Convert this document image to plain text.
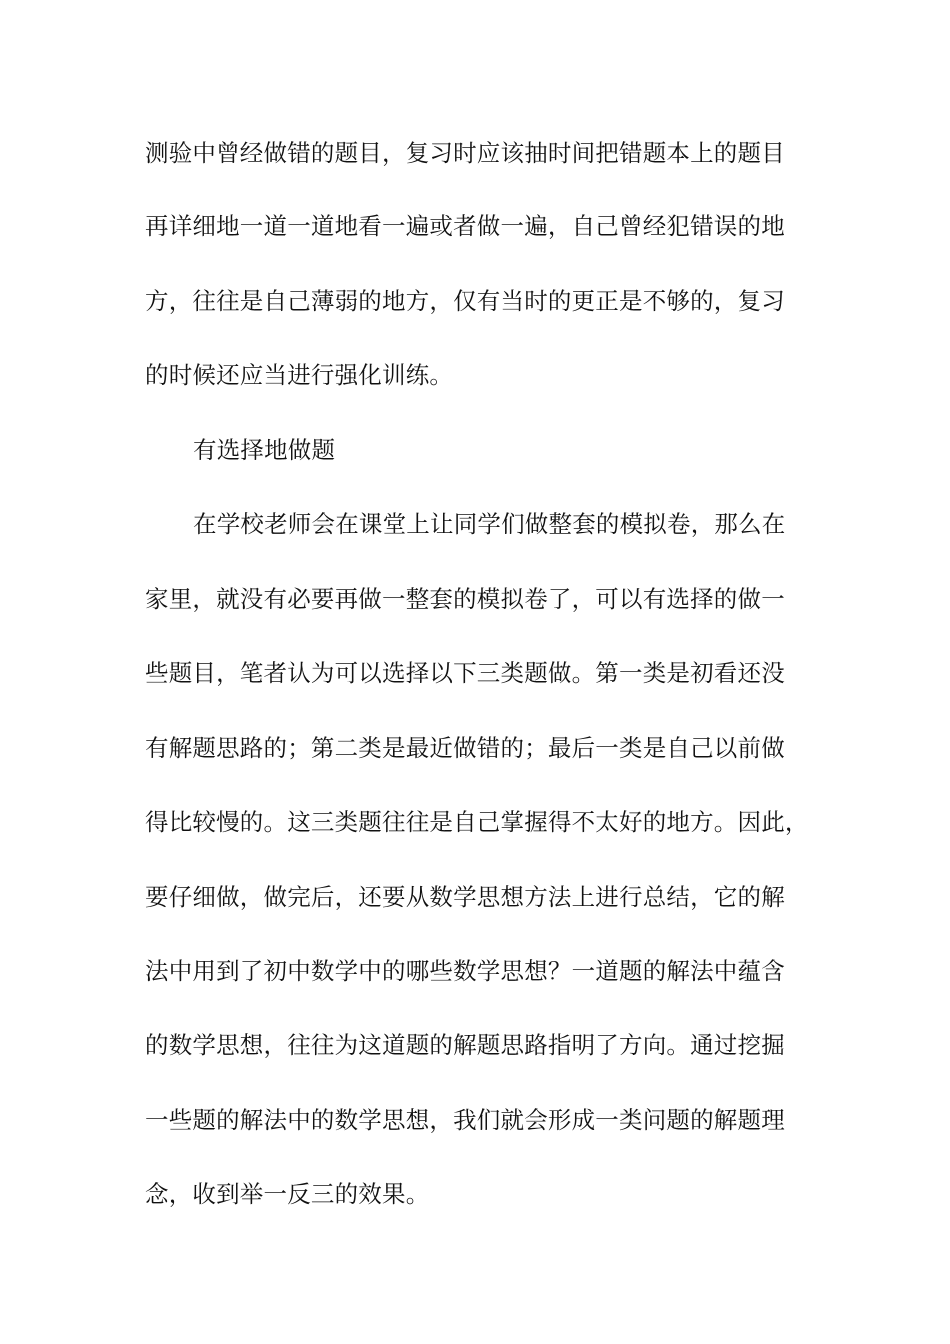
测验中曾经做错的题目，复习时应该抽时间把错题本上的题目
再详细地一道一道地看一遍或者做一遍，自己曾经犯错误的地
方，往往是自己薄弱的地方，仅有当时的更正是不够的，复习
的时候还应当进行强化训练。
有选择地做题
在学校老师会在课堂上让同学们做整套的模拟卷，那么在
家里，就没有必要再做一整套的模拟卷了，可以有选择的做一
些题目，笔者认为可以选择以下三类题做。第一类是初看还没
有解题思路的；第二类是最近做错的；最后一类是自己以前做
得比较慢的。这三类题往往是自己掌握得不太好的地方。因此，
要仔细做，做完后，还要从数学思想方法上进行总结，它的解
法中用到了初中数学中的哪些数学思想？一道题的解法中蕴含
的数学思想，往往为这道题的解题思路指明了方向。通过挖掘
一些题的解法中的数学思想，我们就会形成一类问题的解题理
念，收到举一反三的效果。
